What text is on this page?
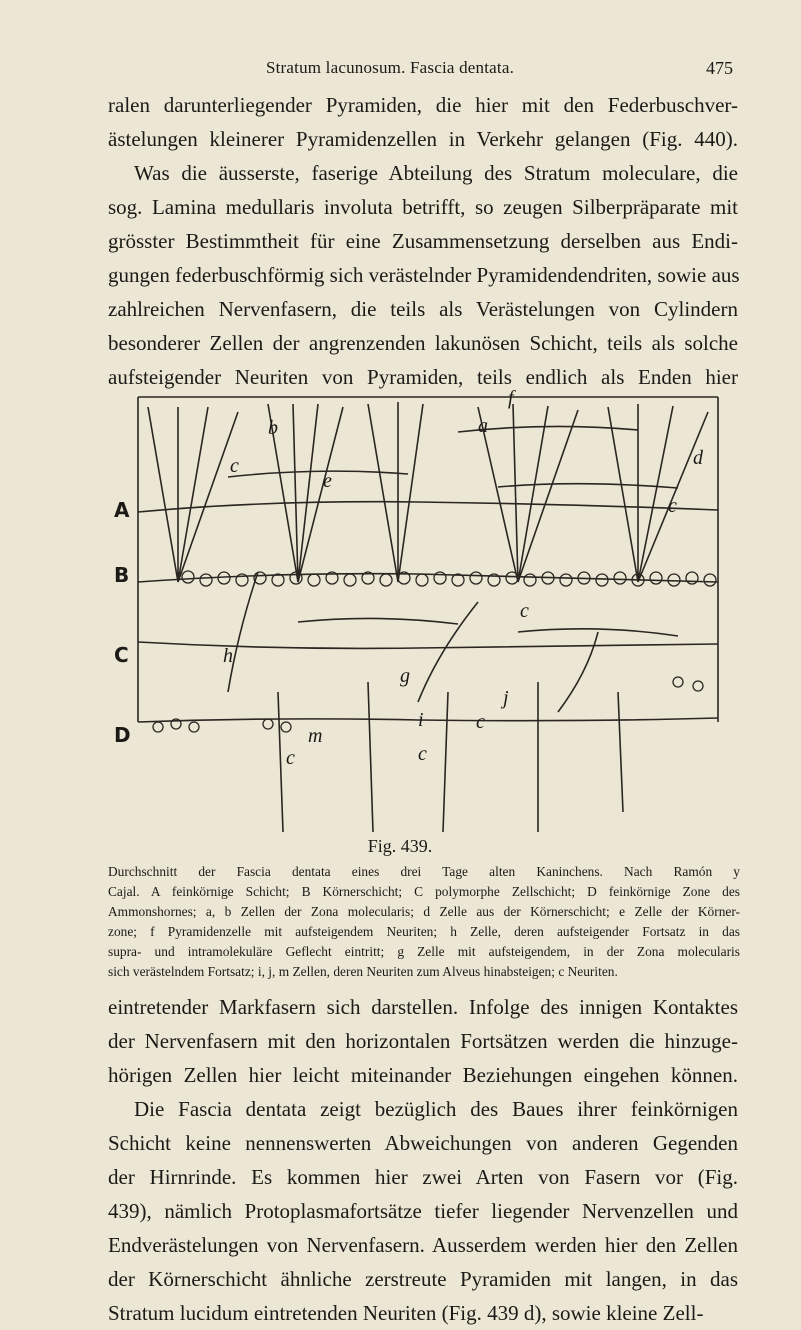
Stratum lacunosum. Fascia dentata.	475
ralen darunterliegender Pyramiden, die hier mit den Federbuschver-
ästelungen kleinerer Pyramidenzellen in Verkehr gelangen (Fig. 440).
Was die äusserste, faserige Abteilung des Stratum moleculare, die
sog. Lamina medullaris involuta betrifft, so zeugen Silberpräparate mit
grösster Bestimmtheit für eine Zusammensetzung derselben aus Endi-
gungen federbuschförmig sich verästelnder Pyramidendendriten, sowie aus
zahlreichen Nervenfasern, die teils als Verästelungen von Cylindern
besonderer Zellen der angrenzenden lakunösen Schicht, teils als solche
aufsteigender Neuriten von Pyramiden, teils endlich als Enden hier
b
c
e
a
d
c
f
h
c
g
j
c
m
i
c	c
A
B
C
D
Fig. 439.
Durchschnitt der Fascia dentata eines drei Tage alten Kaninchens. Nach Ramón y
Cajal. A feinkörnige Schicht; B Körnerschicht; C polymorphe Zellschicht; D feinkörnige Zone des
Ammonshornes; a, b Zellen der Zona molecularis; d Zelle aus der Körnerschicht; e Zelle der Körner-
zone; f Pyramidenzelle mit aufsteigendem Neuriten; h Zelle, deren aufsteigender Fortsatz in das
supra- und intramolekuläre Geflecht eintritt; g Zelle mit aufsteigendem, in der Zona molecularis
sich verästelndem Fortsatz; i, j, m Zellen, deren Neuriten zum Alveus hinabsteigen; c Neuriten.
eintretender Markfasern sich darstellen. Infolge des innigen Kontaktes
der Nervenfasern mit den horizontalen Fortsätzen werden die hinzuge-
hörigen Zellen hier leicht miteinander Beziehungen eingehen können.
Die Fascia dentata zeigt bezüglich des Baues ihrer feinkörnigen
Schicht keine nennenswerten Abweichungen von anderen Gegenden
der Hirnrinde. Es kommen hier zwei Arten von Fasern vor (Fig.
439), nämlich Protoplasmafortsätze tiefer liegender Nervenzellen und
Endverästelungen von Nervenfasern. Ausserdem werden hier den Zellen
der Körnerschicht ähnliche zerstreute Pyramiden mit langen, in das
Stratum lucidum eintretenden Neuriten (Fig. 439 d), sowie kleine Zell-
